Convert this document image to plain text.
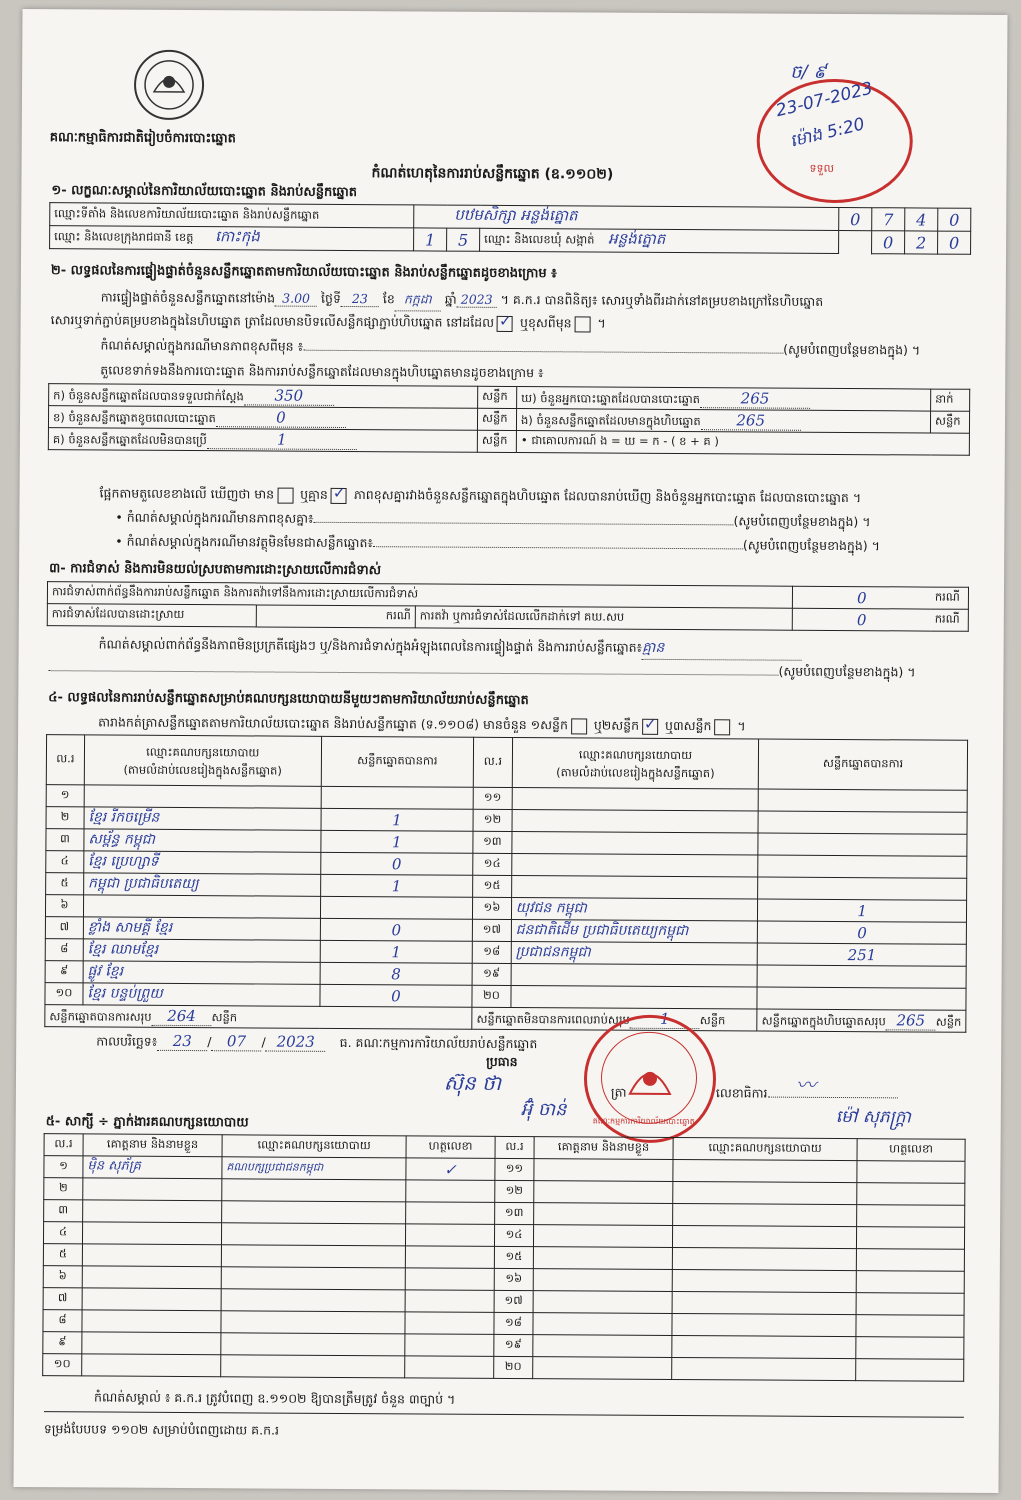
គណៈកម្មាធិការជាតិរៀបចំការបោះឆ្នោត
ច/ ៩
23-07-2023
ម៉ោង 5:20
ទទួល
កំណត់ហេតុនៃការរាប់សន្លឹកឆ្នោត (ឧ.១១០២)
១- លក្ខណៈសម្គាល់នៃការិយាល័យបោះឆ្នោត និងរាប់សន្លឹកឆ្នោត
ឈ្មោះទីតាំង និងលេខការិយាល័យបោះឆ្នោត និងរាប់សន្លឹកឆ្នោត	បឋមសិក្សា អន្លង់ត្នោត			0	7	4	0
ឈ្មោះ និងលេខក្រុងរាជធានី ខេត្ត កោះកុង	1	5	ឈ្មោះ និងលេខឃុំ សង្កាត់ អន្លង់ត្នោត		0	2	0
២- លទ្ធផលនៃការផ្ទៀងផ្ទាត់ចំនួនសន្លឹកឆ្នោតតាមការិយាល័យបោះឆ្នោត និងរាប់សន្លឹកឆ្នោតដូចខាងក្រោម ៖
ការផ្ទៀងផ្ទាត់ចំនួនសន្លឹកឆ្នោតនៅម៉ោង 3.00 ថ្ងៃទី 23 ខែ កក្កដា ឆ្នាំ 2023 ។ គ.ក.រ បានពិនិត្យ៖ សោរឬទាំងពីរដាក់នៅគម្របខាងក្រៅនៃហិបឆ្នោត
សោរឬទាក់ភ្ជាប់គម្របខាងក្នុងនៃហិបឆ្នោត ត្រាដែលមានបិទលើសន្លឹកផ្សាភ្ជាប់ហិបឆ្នោត នៅដដែល ✓ ឬខុសពីមុន ។
កំណត់សម្គាល់ក្នុងករណីមានភាពខុសពីមុន ៖	(សូមបំពេញបន្ថែមខាងក្នុង) ។
តួលេខទាក់ទងនឹងការបោះឆ្នោត និងការរាប់សន្លឹកឆ្នោតដែលមានក្នុងហិបឆ្នោតមានដូចខាងក្រោម ៖
ក) ចំនួនសន្លឹកឆ្នោតដែលបានទទួលជាក់ស្ដែង 350	សន្លឹក	ឃ) ចំនួនអ្នកបោះឆ្នោតដែលបានបោះឆ្នោត 265	នាក់
ខ) ចំនួនសន្លឹកឆ្នោតខូចពេលបោះឆ្នោត 0	សន្លឹក	ង) ចំនួនសន្លឹកឆ្នោតដែលមានក្នុងហិបឆ្នោត 265	សន្លឹក
គ) ចំនួនសន្លឹកឆ្នោតដែលមិនបានប្រើ 1	សន្លឹក	• ជាគោលការណ៍ ង = ឃ = ក - ( ខ + គ )	
ផ្អែកតាមតួលេខខាងលើ ឃើញថា មាន ឬគ្មាន ✓ ភាពខុសគ្នារវាងចំនួនសន្លឹកឆ្នោតក្នុងហិបឆ្នោត ដែលបានរាប់ឃើញ និងចំនួនអ្នកបោះឆ្នោត ដែលបានបោះឆ្នោត ។
• កំណត់សម្គាល់ក្នុងករណីមានភាពខុសគ្នា៖	(សូមបំពេញបន្ថែមខាងក្នុង) ។
• កំណត់សម្គាល់ក្នុងករណីមានវត្ថុមិនមែនជាសន្លឹកឆ្នោត៖	(សូមបំពេញបន្ថែមខាងក្នុង) ។
៣- ការជំទាស់ និងការមិនយល់ស្របតាមការដោះស្រាយលើការជំទាស់
ការជំទាស់ពាក់ព័ន្ធនឹងការរាប់សន្លឹកឆ្នោត និងការតវ៉ាទៅនឹងការដោះស្រាយលើការជំទាស់			0	ករណី
ការជំទាស់ដែលបានដោះស្រាយ	ករណី	ការតវ៉ា ឬការជំទាស់ដែលលើកដាក់ទៅ គឃ.សប	0	ករណី
កំណត់សម្គាល់ពាក់ព័ន្ធនឹងភាពមិនប្រក្រតីផ្សេងៗ ឬ/និងការជំទាស់ក្នុងអំឡុងពេលនៃការផ្ទៀងផ្ទាត់ និងការរាប់សន្លឹកឆ្នោត៖គ្មាន
(សូមបំពេញបន្ថែមខាងក្នុង) ។
៤- លទ្ធផលនៃការរាប់សន្លឹកឆ្នោតសម្រាប់គណបក្សនយោបាយនីមួយៗតាមការិយាល័យរាប់សន្លឹកឆ្នោត
តារាងកត់ត្រាសន្លឹកឆ្នោតតាមការិយាល័យបោះឆ្នោត និងរាប់សន្លឹកឆ្នោត (ទ.១១០៨) មានចំនួន ១សន្លឹក ឬ២សន្លឹក ✓ ឬ៣សន្លឹក ។
ល.រ	ឈ្មោះគណបក្សនយោបាយ
(តាមលំដាប់លេខរៀងក្នុងសន្លឹកឆ្នោត)	សន្លឹកឆ្នោតបានការ	ល.រ	ឈ្មោះគណបក្សនយោបាយ
(តាមលំដាប់លេខរៀងក្នុងសន្លឹកឆ្នោត)	សន្លឹកឆ្នោតបានការ
១			១១		
២	ខ្មែរ រីកចម្រើន	1	១២		
៣	សម្ព័ន្ធ កម្ពុជា	1	១៣		
៤	ខ្មែរ ប្រេហ្សាទី	0	១៤		
៥	កម្ពុជា ប្រជាធិបតេយ្យ	1	១៥		
៦			១៦	យុវជន កម្ពុជា	1
៧	ខ្លាំង សាមគ្គី ខ្មែរ	0	១៧	ជនជាតិដើម ប្រជាធិបតេយ្យកម្ពុជា	0
៨	ខ្មែរ ឈាមខ្មែរ	1	១៨	ប្រជាជនកម្ពុជា	251
៩	ផ្លូវ ខ្មែរ	8	១៩		
១០	ខ្មែរ បន្ទប់ព្រួយ	0	២០		
សន្លឹកឆ្នោតបានការសរុប 264 សន្លឹក			សន្លឹកឆ្នោតមិនបានការពេលរាប់សរុប 1 សន្លឹក		សន្លឹកឆ្នោតក្នុងហិបឆ្នោតសរុប 265 សន្លឹក
កាលបរិច្ឆេទ៖ 23 / 07 / 2023 ធ. គណៈកម្មការការិយាល័យរាប់សន្លឹកឆ្នោត
ប្រធាន
ស៊ុន ថា
អ៊ុំ ចាន់
ត្រា
គណៈកម្មការការិយាល័យបោះឆ្នោត
លេខាធិការ	〰
ម៉ៅ សុភក្ត្រា
៥- សាក្សី ÷ ភ្នាក់ងារគណបក្សនយោបាយ
ល.រ	គោត្តនាម និងនាមខ្លួន	ឈ្មោះគណបក្សនយោបាយ	ហត្ថលេខា	ល.រ	គោត្តនាម និងនាមខ្លួន	ឈ្មោះគណបក្សនយោបាយ	ហត្ថលេខា
១	ម៉ិន សុភ័គ្រ	គណបក្សប្រជាជនកម្ពុជា	✓	១១			
២				១២			
៣				១៣			
៤				១៤			
៥				១៥			
៦				១៦			
៧				១៧			
៨				១៨			
៩				១៩			
១០				២០			
កំណត់សម្គាល់ ៖ គ.ក.រ ត្រូវបំពេញ ឧ.១១០២ ឱ្យបានត្រឹមត្រូវ ចំនួន ៣ច្បាប់ ។
ទម្រង់បែបបទ ១១០២ សម្រាប់បំពេញដោយ គ.ក.រ
